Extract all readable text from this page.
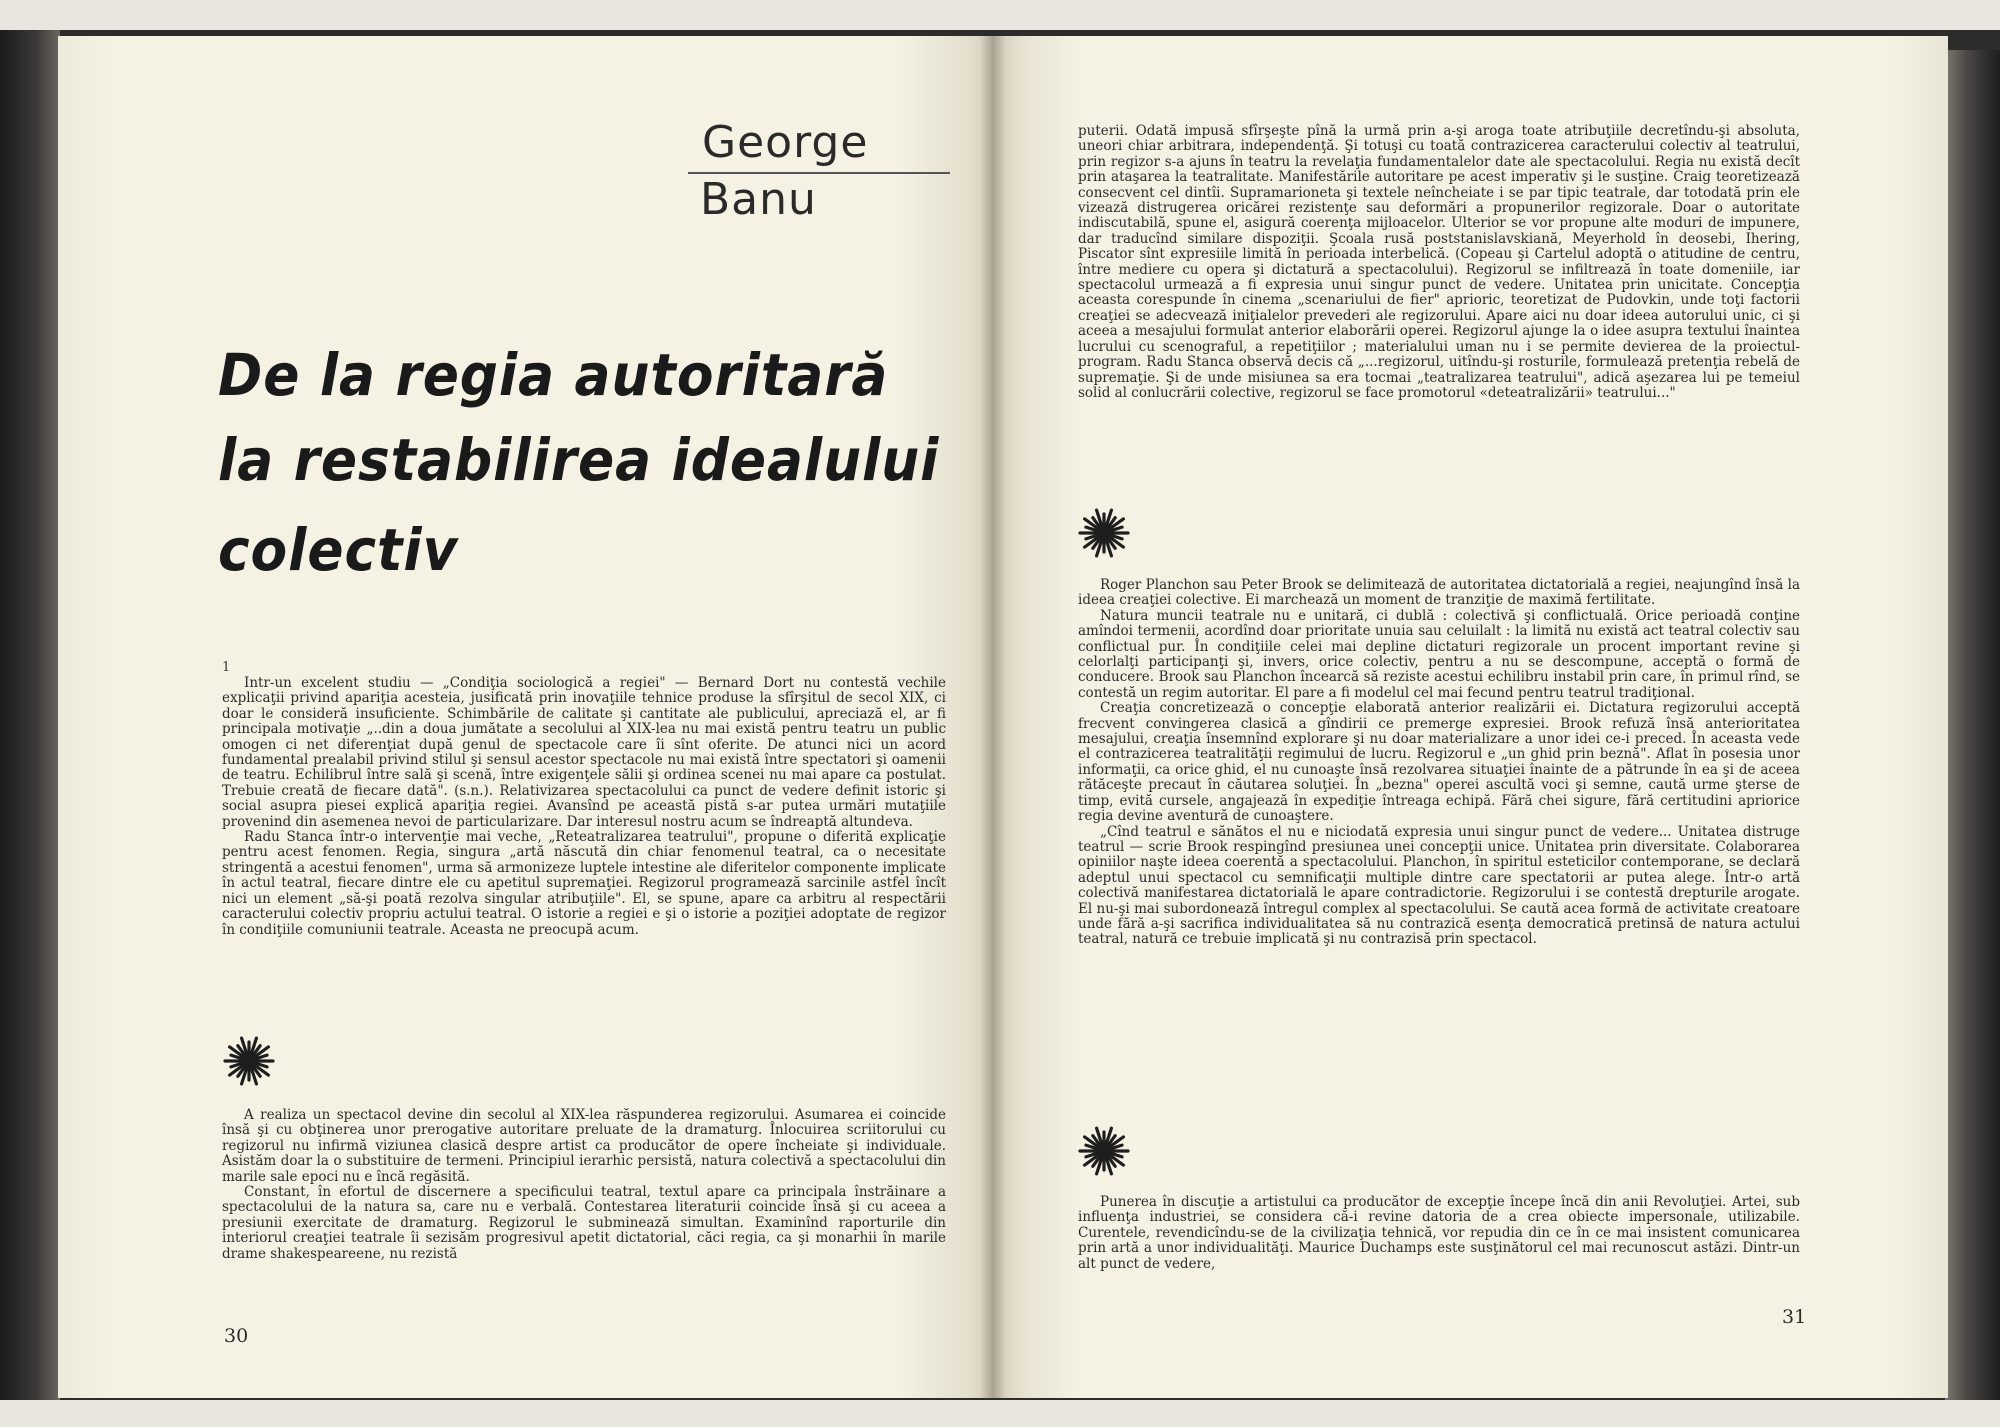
George
Banu
De la regia autoritară
la restabilirea idealului
colectiv
1

Intr-un excelent studiu — „Condiţia sociologică a regiei" — Bernard Dort nu contestă vechile explicaţii privind apariţia acesteia, jusificată prin inovaţiile tehnice produse la sfîrşitul de secol XIX, ci doar le consideră insuficiente. Schimbările de calitate şi cantitate ale publicului, apreciază el, ar fi principala motivaţie „..din a doua jumătate a secolului al XIX-lea nu mai există pentru teatru un public omogen ci net diferenţiat după genul de spectacole care îi sînt oferite. De atunci nici un acord fundamental prealabil privind stilul şi sensul acestor spectacole nu mai există între spectatori şi oamenii de teatru. Echilibrul între sală şi scenă, între exigenţele sălii şi ordinea scenei nu mai apare ca postulat. Trebuie creată de fiecare dată". (s.n.). Relativizarea spectacolului ca punct de vedere definit istoric şi social asupra piesei explică apariţia regiei. Avansînd pe această pistă s-ar putea urmări mutaţiile provenind din asemenea nevoi de particularizare. Dar interesul nostru acum se îndreaptă altundeva.

Radu Stanca într-o intervenţie mai veche, „Reteatralizarea teatrului", propune o diferită explicaţie pentru acest fenomen. Regia, singura „artă născută din chiar fenomenul teatral, ca o necesitate stringentă a acestui fenomen", urma să armonizeze luptele intestine ale diferitelor componente implicate în actul teatral, fiecare dintre ele cu apetitul supremaţiei. Regizorul programează sarcinile astfel încît nici un element „să-şi poată rezolva singular atribuţiile". El, se spune, apare ca arbitru al respectării caracterului colectiv propriu actului teatral. O istorie a regiei e şi o istorie a poziţiei adoptate de regizor în condiţiile comuniunii teatrale. Aceasta ne preocupă acum.

A realiza un spectacol devine din secolul al XIX-lea răspunderea regizorului. Asumarea ei coincide însă şi cu obţinerea unor prerogative autoritare preluate de la dramaturg. Înlocuirea scriitorului cu regizorul nu infirmă viziunea clasică despre artist ca producător de opere încheiate şi individuale. Asistăm doar la o substituire de termeni. Principiul ierarhic persistă, natura colectivă a spectacolului din marile sale epoci nu e încă regăsită.

Constant, în efortul de discernere a specificului teatral, textul apare ca principala înstrăinare a spectacolului de la natura sa, care nu e verbală. Contestarea literaturii coincide însă şi cu aceea a presiunii exercitate de dramaturg. Regizorul le subminează simultan. Examinînd raporturile din interiorul creaţiei teatrale îi sezisăm progresivul apetit dictatorial, căci regia, ca şi monarhii în marile drame shakespeareene, nu rezistă

30

puterii. Odată impusă sfîrşeşte pînă la urmă prin a-şi aroga toate atribuţiile decretîndu-şi absoluta, uneori chiar arbitrara, independenţă. Şi totuşi cu toată contrazicerea caracterului colectiv al teatrului, prin regizor s-a ajuns în teatru la revelaţia fundamentalelor date ale spectacolului. Regia nu există decît prin ataşarea la teatralitate. Manifestările autoritare pe acest imperativ şi le susţine. Craig teoretizează consecvent cel dintîi. Supramarioneta şi textele neîncheiate i se par tipic teatrale, dar totodată prin ele vizează distrugerea oricărei rezistenţe sau deformări a propunerilor regizorale. Doar o autoritate indiscutabilă, spune el, asigură coerenţa mijloacelor. Ulterior se vor propune alte moduri de impunere, dar traducînd similare dispoziţii. Şcoala rusă poststanislavskiană, Meyerhold în deosebi, Ihering, Piscator sînt expresiile limită în perioada interbelică. (Copeau şi Cartelul adoptă o atitudine de centru, între mediere cu opera şi dictatură a spectacolului). Regizorul se infiltrează în toate domeniile, iar spectacolul urmează a fi expresia unui singur punct de vedere. Unitatea prin unicitate. Concepţia aceasta corespunde în cinema „scenariului de fier" aprioric, teoretizat de Pudovkin, unde toţi factorii creaţiei se adecvează iniţialelor prevederi ale regizorului. Apare aici nu doar ideea autorului unic, ci şi aceea a mesajului formulat anterior elaborării operei. Regizorul ajunge la o idee asupra textului înaintea lucrului cu scenograful, a repetiţiilor ; materialului uman nu i se permite devierea de la proiectul-program. Radu Stanca observă decis că „...regizorul, uitîndu-şi rosturile, formulează pretenţia rebelă de supremaţie. Şi de unde misiunea sa era tocmai „teatralizarea teatrului", adică aşezarea lui pe temeiul solid al conlucrării colective, regizorul se face promotorul «deteatralizării» teatrului..."

Roger Planchon sau Peter Brook se delimitează de autoritatea dictatorială a regiei, neajungînd însă la ideea creaţiei colective. Ei marchează un moment de tranziţie de maximă fertilitate.

Natura muncii teatrale nu e unitară, ci dublă : colectivă şi conflictuală. Orice perioadă conţine amîndoi termenii, acordînd doar prioritate unuia sau celuilalt : la limită nu există act teatral colectiv sau conflictual pur. În condiţiile celei mai depline dictaturi regizorale un procent important revine şi celorlalţi participanţi şi, invers, orice colectiv, pentru a nu se descompune, acceptă o formă de conducere. Brook sau Planchon încearcă să reziste acestui echilibru instabil prin care, în primul rînd, se contestă un regim autoritar. El pare a fi modelul cel mai fecund pentru teatrul tradiţional.

Creaţia concretizează o concepţie elaborată anterior realizării ei. Dictatura regizorului acceptă frecvent convingerea clasică a gîndirii ce premerge expresiei. Brook refuză însă anterioritatea mesajului, creaţia însemnînd explorare şi nu doar materializare a unor idei ce-i preced. În aceasta vede el contrazicerea teatralităţii regimului de lucru. Regizorul e „un ghid prin beznă". Aflat în posesia unor informaţii, ca orice ghid, el nu cunoaşte însă rezolvarea situaţiei înainte de a pătrunde în ea şi de aceea rătăceşte precaut în căutarea soluţiei. În „bezna" operei ascultă voci şi semne, caută urme şterse de timp, evită cursele, angajează în expediţie întreaga echipă. Fără chei sigure, fără certitudini apriorice regia devine aventură de cunoaştere.

„Cînd teatrul e sănătos el nu e niciodată expresia unui singur punct de vedere... Unitatea distruge teatrul — scrie Brook respingînd presiunea unei concepţii unice. Unitatea prin diversitate. Colaborarea opiniilor naşte ideea coerentă a spectacolului. Planchon, în spiritul esteticilor contemporane, se declară adeptul unui spectacol cu semnificaţii multiple dintre care spectatorii ar putea alege. Într-o artă colectivă manifestarea dictatorială le apare contradictorie. Regizorului i se contestă drepturile arogate. El nu-şi mai subordonează întregul complex al spectacolului. Se caută acea formă de activitate creatoare unde fără a-şi sacrifica individualitatea să nu contrazică esenţa democratică pretinsă de natura actului teatral, natură ce trebuie implicată şi nu contrazisă prin spectacol.

Punerea în discuţie a artistului ca producător de excepţie începe încă din anii Revoluţiei. Artei, sub influenţa industriei, se considera că-i revine datoria de a crea obiecte impersonale, utilizabile. Curentele, revendicîndu-se de la civilizaţia tehnică, vor repudia din ce în ce mai insistent comunicarea prin artă a unor individualităţi. Maurice Duchamps este susţinătorul cel mai recunoscut astăzi. Dintr-un alt punct de vedere,

31
